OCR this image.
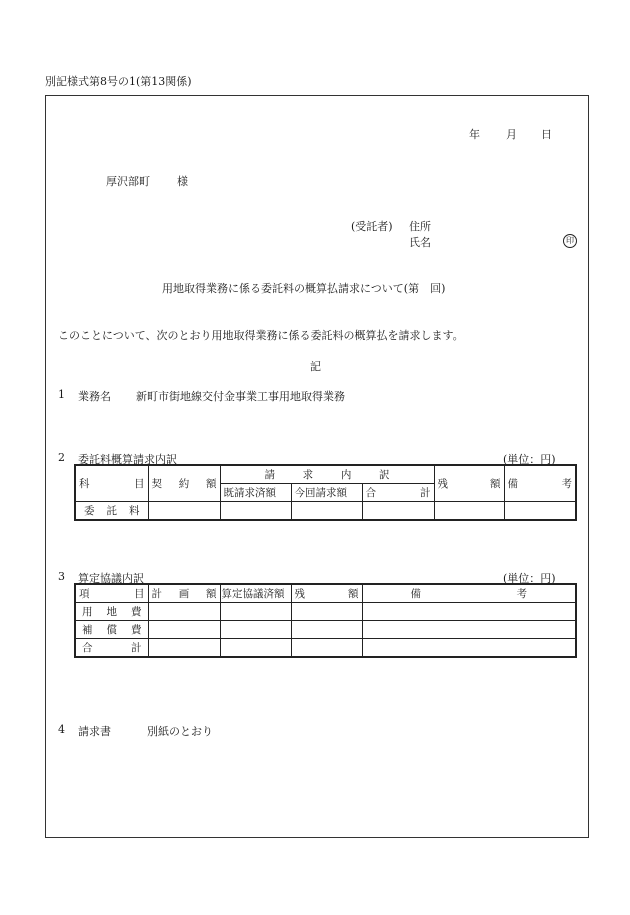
別記様式第8号の1(第13関係)
年 月 日
厚沢部町 様
(受託者) 住所
氏名	印
用地取得業務に係る委託料の概算払請求について(第　回)
このことについて、次のとおり用地取得業務に係る委託料の概算払を請求します。
記
1 業務名 新町市街地線交付金事業工事用地取得業務
2 委託料概算請求内訳	(単位：円)
科 目	契 約 額	請 求 内 訳			残 額	備 考

		既請求済額	今回請求額	合 計		

委 託 料						

3 算定協議内訳	(単位：円)
項 目	計 画 額	算定協議済額	残 額	備 考

用 地 費				

補 償 費				

合 計				

4 請求書	別紙のとおり
